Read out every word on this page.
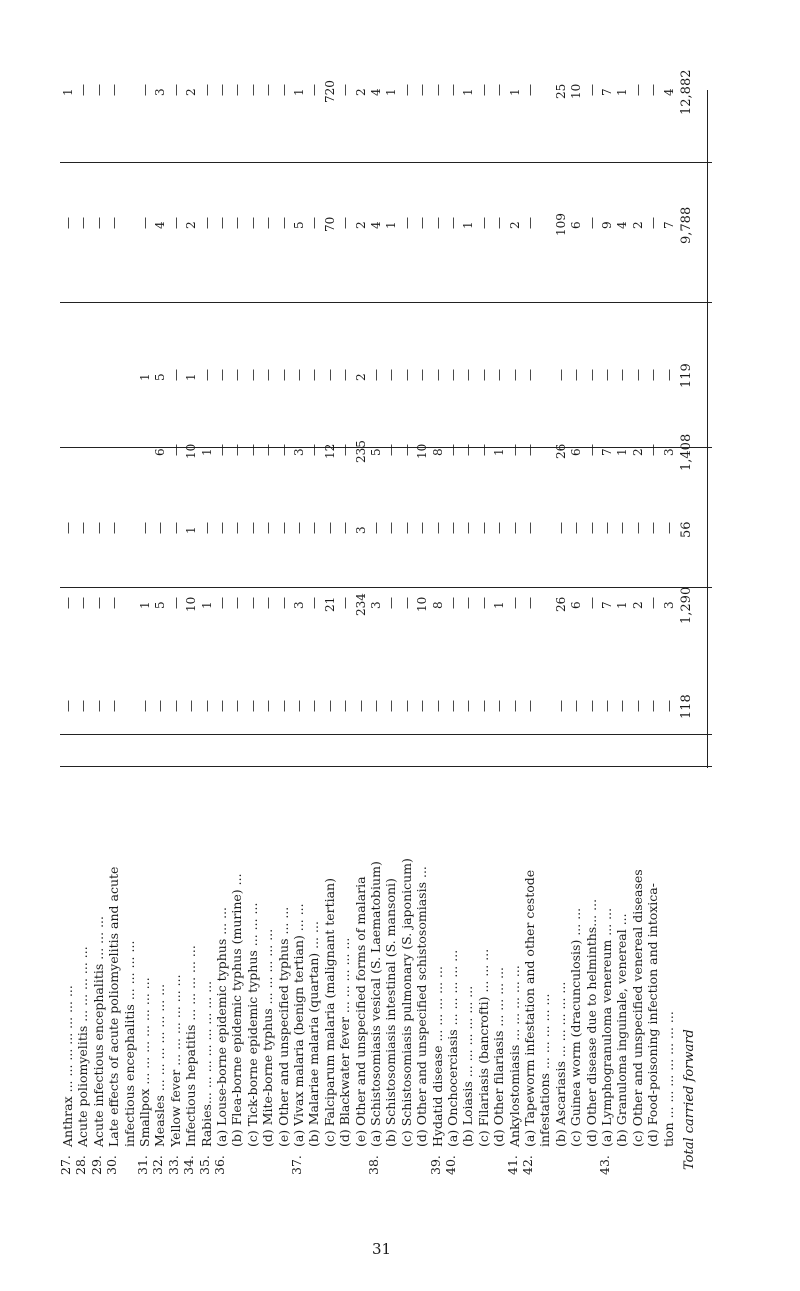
27.
Anthrax ... ... ... ... ... ... ...
28.
Acute poliomyelitis ... ... ... ... ...
29.
Acute infectious encephalitis ... ... ...
30.
Late effects of acute poliomyelitis and acute infectious encephalitis ... ... ... ...
31.
Smallpox ... ... ... ... ... ... ...
32.
Measles ... ... ... ... ... ... ...
33.
Yellow fever ... ... ... ... ... ...
34.
Infectious hepatitis ... ... ... ... ...
35.
Rabies... ... ... ... ... ... ... ...
36.
(a) Louse-borne epidemic typhus ... ... (b) Flea-borne epidemic typhus (murine) ... (c) Tick-borne epidemic typhus ... ... ... (d) Mite-borne typhus ... ... ... ... ... (e) Other and unspecified typhus ... ...
37.
(a) Vivax malaria (benign tertian) ... ... (b) Malariae malaria (quartan) ... ... (c) Falciparum malaria (malignant tertian) (d) Blackwater fever ... ... ... ... ... (e) Other and unspecified forms of malaria
38.
(a) Schistosomiasis vesical (S. Laematobium) (b) Schistosomiasis intestinal (S. mansoni) (c) Schistosomiasis pulmonary (S. japonicum) (d) Other and unspecified schistosomiasis ...
39.
Hydatid disease ... ... ... ... ...
40.
(a) Onchocerciasis ... ... ... ... ... (b) Loiasis ... ... ... ... ... ... (c) Filariasis (bancrofti) ... ... ... (d) Other filariasis ... ... ... ...
41.
Ankylostomiasis ... ... ... ... ...
42.
(a) Tapeworm infestation and other cestode infestations ... ... ... ... ... (b) Ascariasis ... ... ... ... ... (c) Guinea worm (dracunculosis) ... ... (d) Other disease due to helminths... ...
43.
(a) Lymphogranuloma venereum ... ... (b) Granuloma inguinale, venereal ... (c) Other and unspecified venereal diseases (d) Food-poisoning infection and intoxica- tion ... ... ... ... ... ... ...
—
—
—
—
1
—
—
—
—
—
—
—
—
—
—
—
—
—
—
—
—
1
—
1
—
—
—
5
—
6
5
4
3
—
—
—
—
—
—
—
—
10
1
10
1
2
2
—
1
—
1
—
—
—
—
—
—
—
—
—
—
—
—
—
—
—
—
—
—
—
—
—
—
—
—
—
—
—
—
—
—
—
—
—
—
—
—
—
—
—
3
—
3
—
5
1
—
—
—
—
—
—
—
—
21
—
12
—
70
720
—
—
—
—
—
—
—
—
234
3
235
2
2
2
—
3
—
5
—
4
4
—
—
—
—
—
1
1
—
—
—
—
—
—
—
—
10
—
10
—
—
—
—
8
—
8
—
—
—
—
—
—
—
—
—
—
—
—
—
—
—
1
1
—
—
—
—
—
—
—
—
1
—
1
—
—
—
—
—
—
—
—
2
1
—
—
—
—
—
—
—
—
26
—
26
—
109
25
—
6
—
6
—
6
10
—
—
—
—
—
—
—
—
7
—
7
—
9
7
—
1
—
1
—
4
1
—
2
—
2
—
2
—
—
—
—
—
—
—
—
—
3
—
3
—
7
4
118
1,290
56
1,408
119
9,788
12,882
Total carried forward
31
